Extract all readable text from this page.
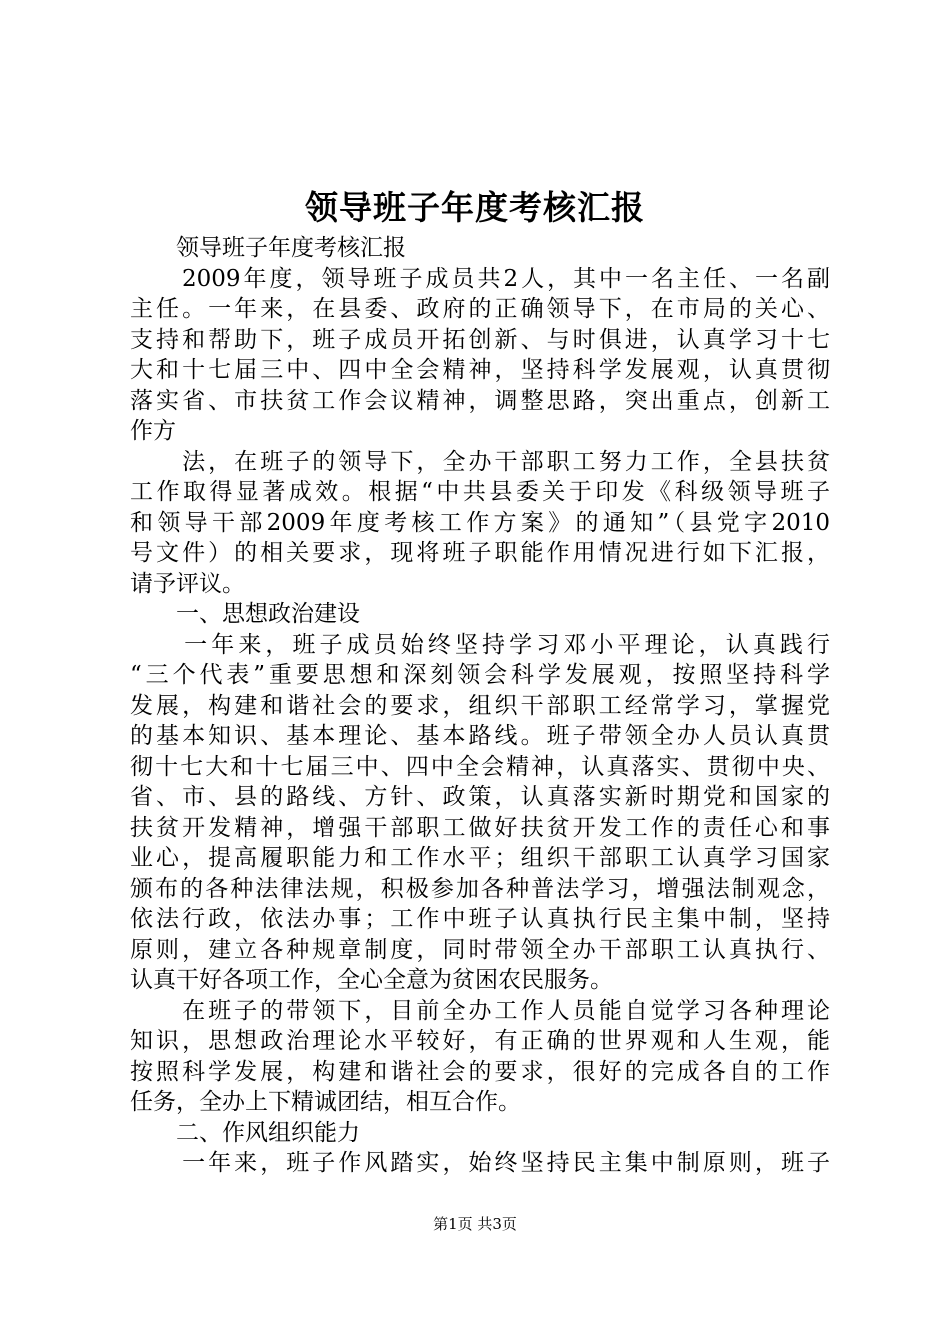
领导班子年度考核汇报
　　领导班子年度考核汇报
　　2009年度，领导班子成员共2人，其中一名主任、一名副
主任。一年来，在县委、政府的正确领导下，在市局的关心、
支持和帮助下，班子成员开拓创新、与时俱进，认真学习十七
大和十七届三中、四中全会精神，坚持科学发展观，认真贯彻
落实省、市扶贫工作会议精神，调整思路，突出重点，创新工
作方
　　法，在班子的领导下，全办干部职工努力工作，全县扶贫
工作取得显著成效。根据“中共县委关于印发《科级领导班子
和领导干部2009年度考核工作方案》的通知”（县党字2010
号文件）的相关要求，现将班子职能作用情况进行如下汇报，
请予评议。
　　一、思想政治建设
　　一年来，班子成员始终坚持学习邓小平理论，认真践行
“三个代表”重要思想和深刻领会科学发展观，按照坚持科学
发展，构建和谐社会的要求，组织干部职工经常学习，掌握党
的基本知识、基本理论、基本路线。班子带领全办人员认真贯
彻十七大和十七届三中、四中全会精神，认真落实、贯彻中央、
省、市、县的路线、方针、政策，认真落实新时期党和国家的
扶贫开发精神，增强干部职工做好扶贫开发工作的责任心和事
业心，提高履职能力和工作水平；组织干部职工认真学习国家
颁布的各种法律法规，积极参加各种普法学习，增强法制观念，
依法行政，依法办事；工作中班子认真执行民主集中制，坚持
原则，建立各种规章制度，同时带领全办干部职工认真执行、
认真干好各项工作，全心全意为贫困农民服务。
　　在班子的带领下，目前全办工作人员能自觉学习各种理论
知识，思想政治理论水平较好，有正确的世界观和人生观，能
按照科学发展，构建和谐社会的要求，很好的完成各自的工作
任务，全办上下精诚团结，相互合作。
　　二、作风组织能力
　　一年来，班子作风踏实，始终坚持民主集中制原则，班子
第1页 共3页
